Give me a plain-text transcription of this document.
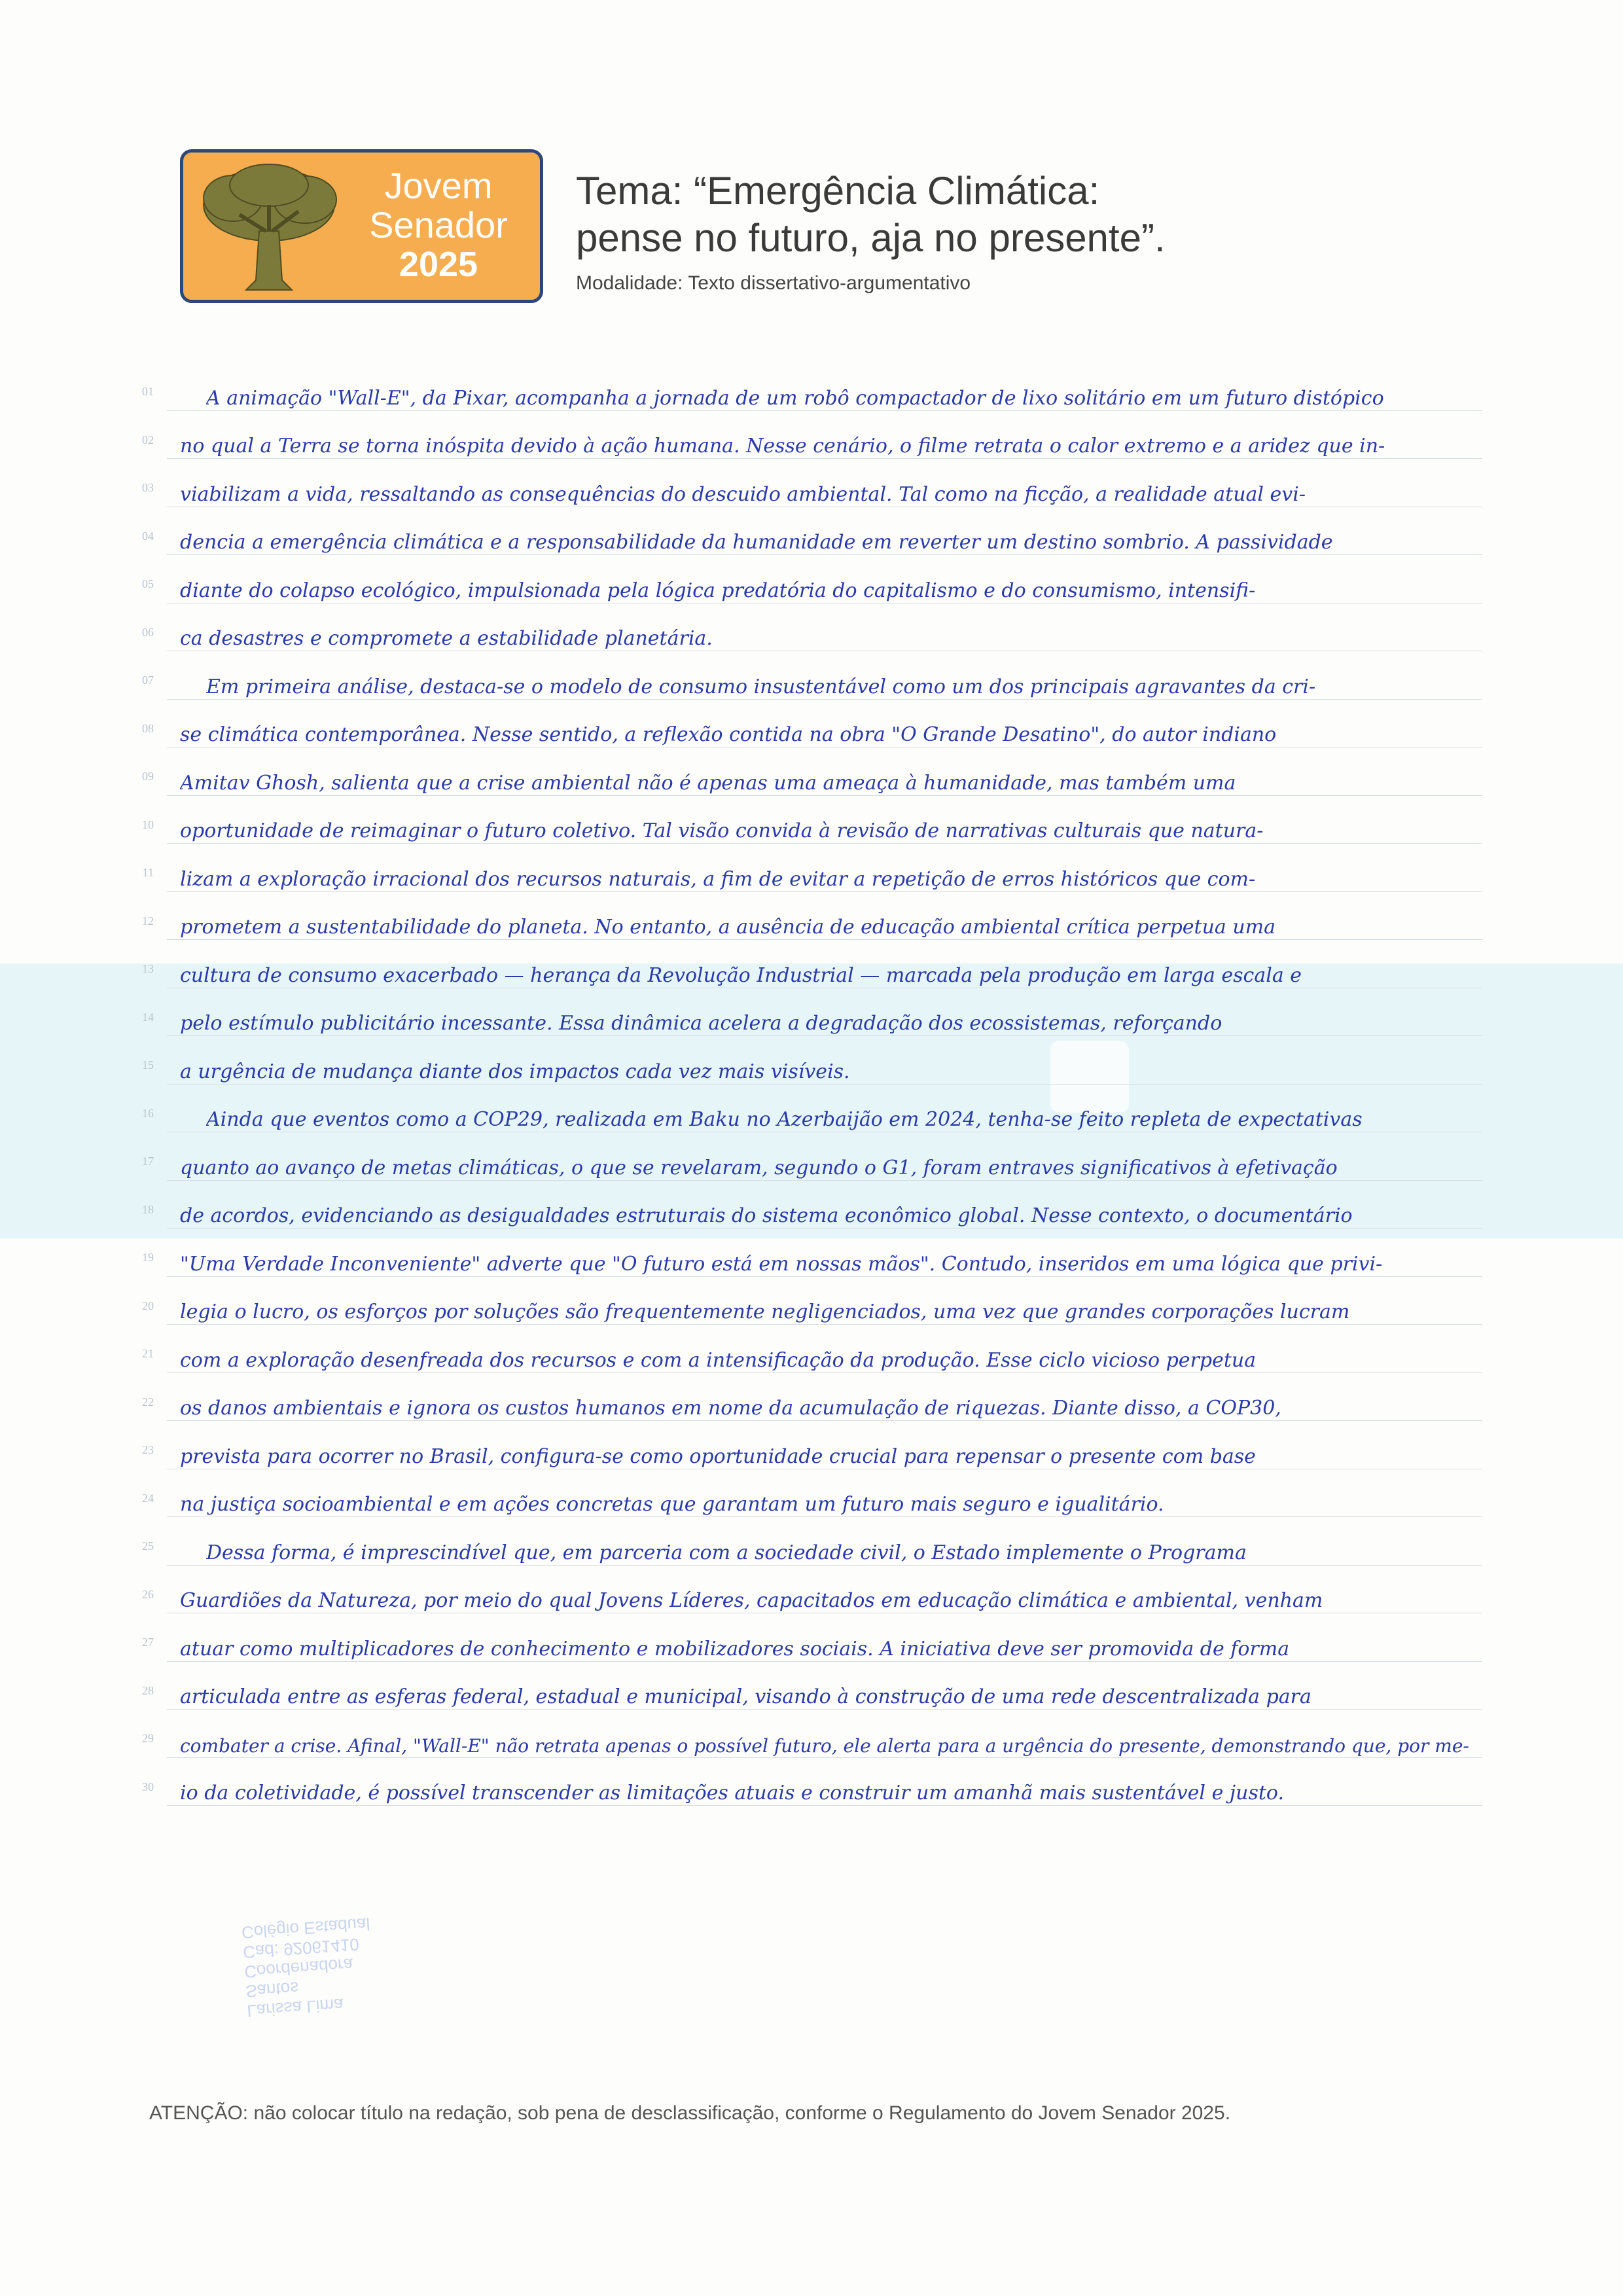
Jovem
Senador
2025
Tema: “Emergência Climática:
pense no futuro, aja no presente”.
Modalidade: Texto dissertativo-argumentativo
Larissa Lima Santos
Coordenadora
Cad: 92061410
Colégio Estadual
01	A animação "Wall-E", da Pixar, acompanha a jornada de um robô compactador de lixo solitário em um futuro distópico
02 no qual a Terra se torna inóspita devido à ação humana. Nesse cenário, o filme retrata o calor extremo e a aridez que in-
03 viabilizam a vida, ressaltando as consequências do descuido ambiental. Tal como na ficção, a realidade atual evi-
04 dencia a emergência climática e a responsabilidade da humanidade em reverter um destino sombrio. A passividade
05 diante do colapso ecológico, impulsionada pela lógica predatória do capitalismo e do consumismo, intensifi-
06 ca desastres e compromete a estabilidade planetária.
07	Em primeira análise, destaca-se o modelo de consumo insustentável como um dos principais agravantes da cri-
08 se climática contemporânea. Nesse sentido, a reflexão contida na obra "O Grande Desatino", do autor indiano
09 Amitav Ghosh, salienta que a crise ambiental não é apenas uma ameaça à humanidade, mas também uma
10 oportunidade de reimaginar o futuro coletivo. Tal visão convida à revisão de narrativas culturais que natura-
11 lizam a exploração irracional dos recursos naturais, a fim de evitar a repetição de erros históricos que com-
12 prometem a sustentabilidade do planeta. No entanto, a ausência de educação ambiental crítica perpetua uma
13 cultura de consumo exacerbado — herança da Revolução Industrial — marcada pela produção em larga escala e
14 pelo estímulo publicitário incessante. Essa dinâmica acelera a degradação dos ecossistemas, reforçando
15 a urgência de mudança diante dos impactos cada vez mais visíveis.
16	Ainda que eventos como a COP29, realizada em Baku no Azerbaijão em 2024, tenha-se feito repleta de expectativas
17 quanto ao avanço de metas climáticas, o que se revelaram, segundo o G1, foram entraves significativos à efetivação
18 de acordos, evidenciando as desigualdades estruturais do sistema econômico global. Nesse contexto, o documentário
19 "Uma Verdade Inconveniente" adverte que "O futuro está em nossas mãos". Contudo, inseridos em uma lógica que privi-
20 legia o lucro, os esforços por soluções são frequentemente negligenciados, uma vez que grandes corporações lucram
21 com a exploração desenfreada dos recursos e com a intensificação da produção. Esse ciclo vicioso perpetua
22 os danos ambientais e ignora os custos humanos em nome da acumulação de riquezas. Diante disso, a COP30,
23 prevista para ocorrer no Brasil, configura-se como oportunidade crucial para repensar o presente com base
24 na justiça socioambiental e em ações concretas que garantam um futuro mais seguro e igualitário.
25	Dessa forma, é imprescindível que, em parceria com a sociedade civil, o Estado implemente o Programa
26 Guardiões da Natureza, por meio do qual Jovens Líderes, capacitados em educação climática e ambiental, venham
27 atuar como multiplicadores de conhecimento e mobilizadores sociais. A iniciativa deve ser promovida de forma
28 articulada entre as esferas federal, estadual e municipal, visando à construção de uma rede descentralizada para
29 combater a crise. Afinal, "Wall-E" não retrata apenas o possível futuro, ele alerta para a urgência do presente, demonstrando que, por me-
30 io da coletividade, é possível transcender as limitações atuais e construir um amanhã mais sustentável e justo.
ATENÇÃO: não colocar título na redação, sob pena de desclassificação, conforme o Regulamento do Jovem Senador 2025.
